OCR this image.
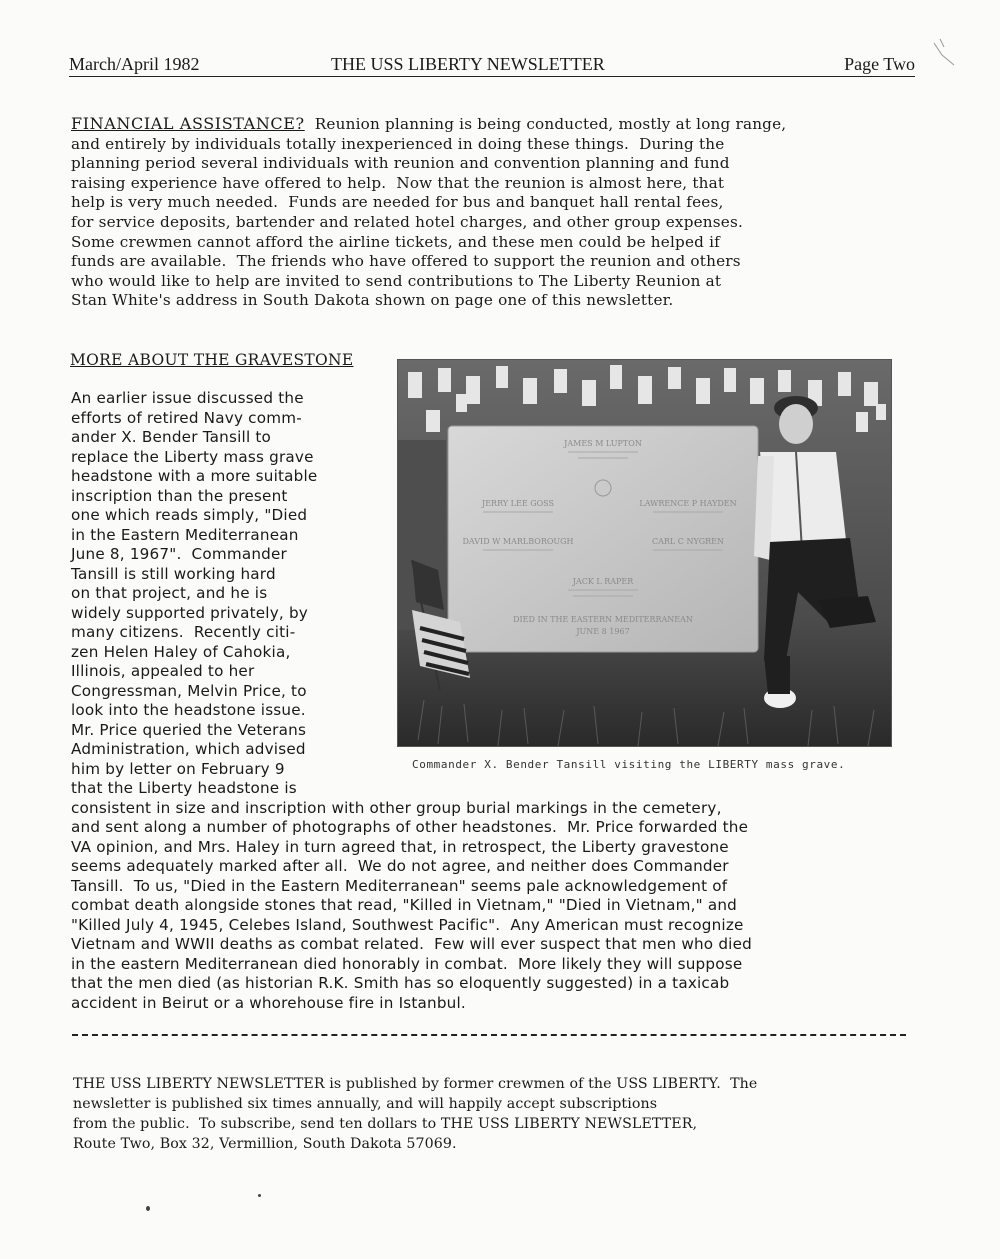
March/April 1982	THE USS LIBERTY NEWSLETTER	Page Two
FINANCIAL ASSISTANCE?  Reunion planning is being conducted, mostly at long range,
and entirely by individuals totally inexperienced in doing these things.  During the
planning period several individuals with reunion and convention planning and fund
raising experience have offered to help.  Now that the reunion is almost here, that
help is very much needed.  Funds are needed for bus and banquet hall rental fees,
for service deposits, bartender and related hotel charges, and other group expenses.
Some crewmen cannot afford the airline tickets, and these men could be helped if
funds are available.  The friends who have offered to support the reunion and others
who would like to help are invited to send contributions to The Liberty Reunion at
Stan White's address in South Dakota shown on page one of this newsletter.
MORE ABOUT THE GRAVESTONE
An earlier issue discussed the
efforts of retired Navy comm-
ander X. Bender Tansill to
replace the Liberty mass grave
headstone with a more suitable
inscription than the present
one which reads simply, "Died
in the Eastern Mediterranean
June 8, 1967".  Commander
Tansill is still working hard
on that project, and he is
widely supported privately, by
many citizens.  Recently citi-
zen Helen Haley of Cahokia,
Illinois, appealed to her
Congressman, Melvin Price, to
look into the headstone issue.
Mr. Price queried the Veterans
Administration, which advised
him by letter on February 9
that the Liberty headstone is
consistent in size and inscription with other group burial markings in the cemetery,
and sent along a number of photographs of other headstones.  Mr. Price forwarded the
VA opinion, and Mrs. Haley in turn agreed that, in retrospect, the Liberty gravestone
seems adequately marked after all.  We do not agree, and neither does Commander
Tansill.  To us, "Died in the Eastern Mediterranean" seems pale acknowledgement of
combat death alongside stones that read, "Killed in Vietnam," "Died in Vietnam," and
"Killed July 4, 1945, Celebes Island, Southwest Pacific".  Any American must recognize
Vietnam and WWII deaths as combat related.  Few will ever suspect that men who died
in the eastern Mediterranean died honorably in combat.  More likely they will suppose
that the men died (as historian R.K. Smith has so eloquently suggested) in a taxicab
accident in Beirut or a whorehouse fire in Istanbul.
JAMES M LUPTON
JERRY LEE GOSS	LAWRENCE P HAYDEN
DAVID W MARLBOROUGH	CARL C NYGREN
JACK L RAPER
DIED IN THE EASTERN MEDITERRANEAN
JUNE 8 1967
Commander X. Bender Tansill visiting the LIBERTY mass grave.
THE USS LIBERTY NEWSLETTER is published by former crewmen of the USS LIBERTY.  The
newsletter is published six times annually, and will happily accept subscriptions
from the public.  To subscribe, send ten dollars to THE USS LIBERTY NEWSLETTER,
Route Two, Box 32, Vermillion, South Dakota 57069.
